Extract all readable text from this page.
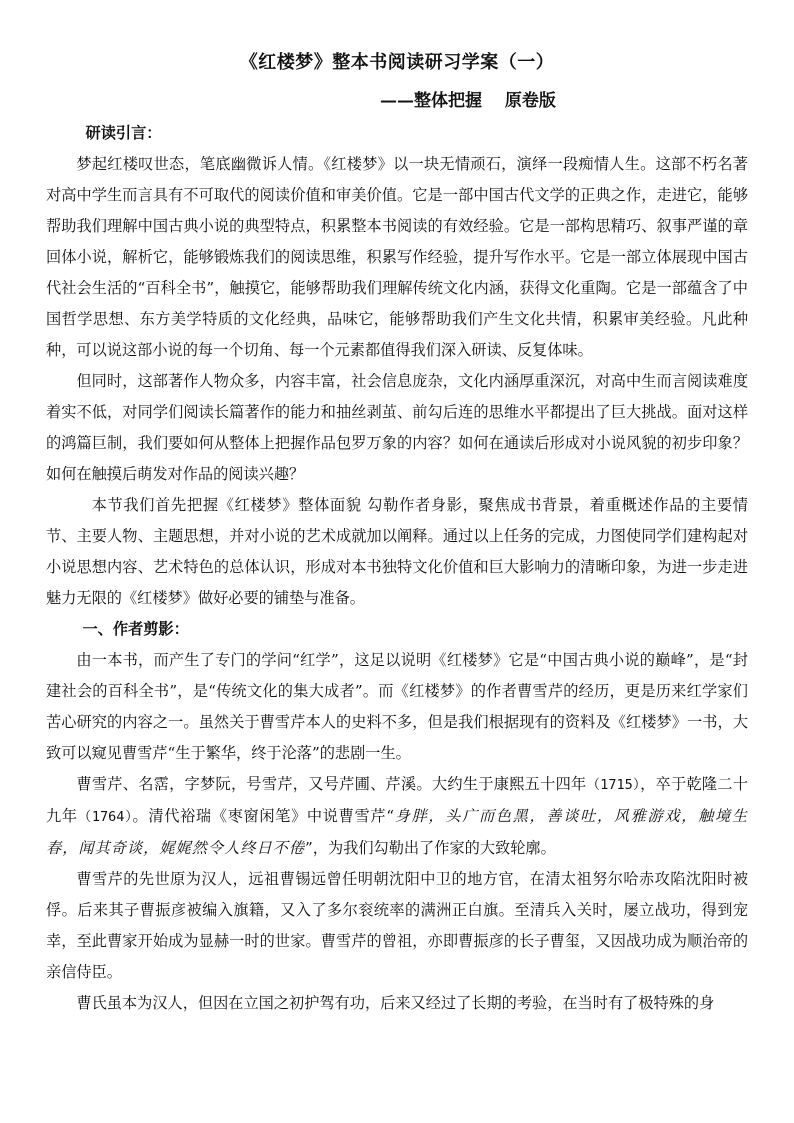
《红楼梦》整本书阅读研习学案（一）
——整体把握　 原卷版
研读引言：

梦起红楼叹世态，笔底幽微诉人情。《红楼梦》以一块无情顽石，演绎一段痴情人生。这部不朽名著对高中学生而言具有不可取代的阅读价值和审美价值。它是一部中国古代文学的正典之作，走进它，能够帮助我们理解中国古典小说的典型特点，积累整本书阅读的有效经验。它是一部构思精巧、叙事严谨的章回体小说，解析它，能够锻炼我们的阅读思维，积累写作经验，提升写作水平。它是一部立体展现中国古代社会生活的“百科全书”，触摸它，能够帮助我们理解传统文化内涵，获得文化重陶。它是一部蕴含了中国哲学思想、东方美学特质的文化经典，品味它，能够帮助我们产生文化共情，积累审美经验。凡此种种，可以说这部小说的每一个切角、每一个元素都值得我们深入研读、反复体味。

但同时，这部著作人物众多，内容丰富，社会信息庞杂，文化内涵厚重深沉，对高中生而言阅读难度着实不低，对同学们阅读长篇著作的能力和抽丝剥茧、前勾后连的思维水平都提出了巨大挑战。面对这样的鸿篇巨制，我们要如何从整体上把握作品包罗万象的内容？如何在通读后形成对小说风貌的初步印象？如何在触摸后萌发对作品的阅读兴趣？

本节我们首先把握《红楼梦》整体面貌 勾勒作者身影，聚焦成书背景，着重概述作品的主要情节、主要人物、主题思想，并对小说的艺术成就加以阐释。通过以上任务的完成，力图使同学们建构起对小说思想内容、艺术特色的总体认识，形成对本书独特文化价值和巨大影响力的清晰印象，为进一步走进魅力无限的《红楼梦》做好必要的铺垫与准备。

一、作者剪影：

由一本书，而产生了专门的学问“红学”，这足以说明《红楼梦》它是“中国古典小说的巅峰”，是“封建社会的百科全书”，是“传统文化的集大成者”。而《红楼梦》的作者曹雪芹的经历，更是历来红学家们苦心研究的内容之一。虽然关于曹雪芹本人的史料不多，但是我们根据现有的资料及《红楼梦》一书，大致可以窥见曹雪芹“生于繁华，终于沦落”的悲剧一生。

曹雪芹、名霑，字梦阮，号雪芹，又号芹圃、芹溪。大约生于康熙五十四年（1715），卒于乾隆二十九年（1764）。清代裕瑞《枣窗闲笔》中说曹雪芹“身胖，头广而色黑，善谈吐，风雅游戏，触境生春，闻其奇谈，娓娓然令人终日不倦”，为我们勾勒出了作家的大致轮廓。

曹雪芹的先世原为汉人，远祖曹锡远曾任明朝沈阳中卫的地方官，在清太祖努尔哈赤攻陷沈阳时被俘。后来其子曹振彦被编入旗籍，又入了多尔衮统率的满洲正白旗。至清兵入关时，屡立战功，得到宠幸，至此曹家开始成为显赫一时的世家。曹雪芹的曾祖，亦即曹振彦的长子曹玺，又因战功成为顺治帝的亲信侍臣。

曹氏虽本为汉人，但因在立国之初护驾有功，后来又经过了长期的考验，在当时有了极特殊的身
